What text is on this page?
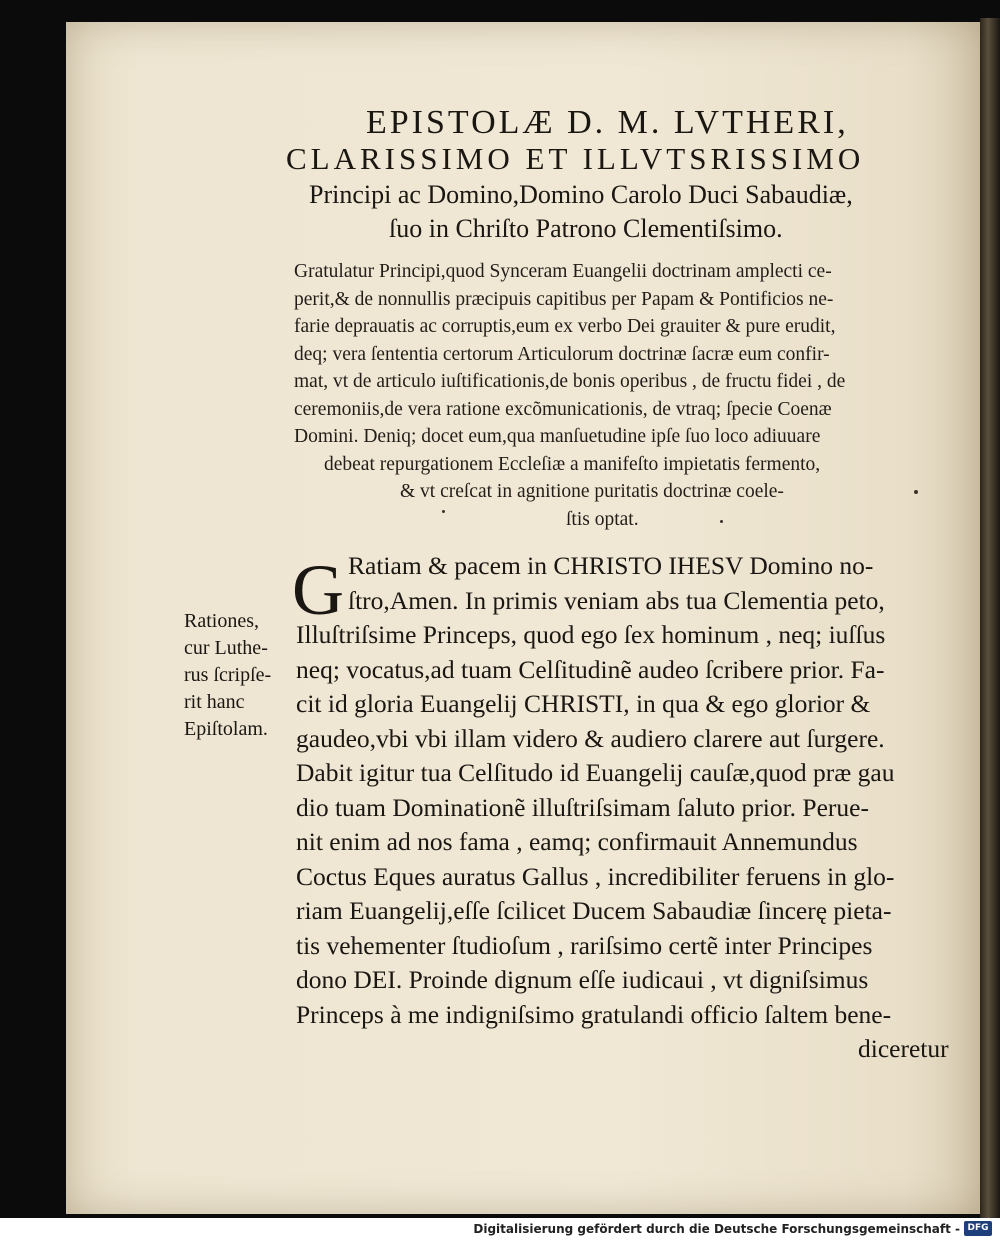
EPISTOLÆ D. M. LVTHERI,
CLARISSIMO ET ILLVTSRISSIMO
Principi ac Domino,Domino Carolo Duci Sabaudiæ,
ſuo in Chriſto Patrono Clementiſsimo.
Gratulatur Principi,quod Synceram Euangelii doctrinam amplecti ce-
perit,& de nonnullis præcipuis capitibus per Papam & Pontificios ne-
farie deprauatis ac corruptis,eum ex verbo Dei grauiter & pure erudit,
deq; vera ſententia certorum Articulorum doctrinæ ſacræ eum confir-
mat, vt de articulo iuſtificationis,de bonis operibus , de fructu fidei , de
ceremoniis,de vera ratione excõmunicationis, de vtraq; ſpecie Coenæ
Domini. Deniq; docet eum,qua manſuetudine ipſe ſuo loco adiuuare
debeat repurgationem Eccleſiæ a manifeſto impietatis fermento,
& vt creſcat in agnitione puritatis doctrinæ coele-
ſtis optat.
Rationes,
cur Luthe-
rus ſcripſe-
rit hanc
Epiſtolam.
G Ratiam & pacem in CHRISTO IHESV Domino no-
ſtro,Amen. In primis veniam abs tua Clementia peto,
Illuſtriſsime Princeps, quod ego ſex hominum , neq; iuſſus
neq; vocatus,ad tuam Celſitudinẽ audeo ſcribere prior. Fa-
cit id gloria Euangelij CHRISTI, in qua & ego glorior &
gaudeo,vbi vbi illam videro & audiero clarere aut ſurgere.
Dabit igitur tua Celſitudo id Euangelij cauſæ,quod præ gau
dio tuam Dominationẽ illuſtriſsimam ſaluto prior. Perue-
nit enim ad nos fama , eamq; confirmauit Annemundus
Coctus Eques auratus Gallus , incredibiliter feruens in glo-
riam Euangelij,eſſe ſcilicet Ducem Sabaudiæ ſincerę pieta-
tis vehementer ſtudioſum , rariſsimo certẽ inter Principes
dono DEI. Proinde dignum eſſe iudicaui , vt digniſsimus
Princeps à me indigniſsimo gratulandi officio ſaltem bene-
diceretur
Digitalisierung gefördert durch die Deutsche Forschungsgemeinschaft - DFG
